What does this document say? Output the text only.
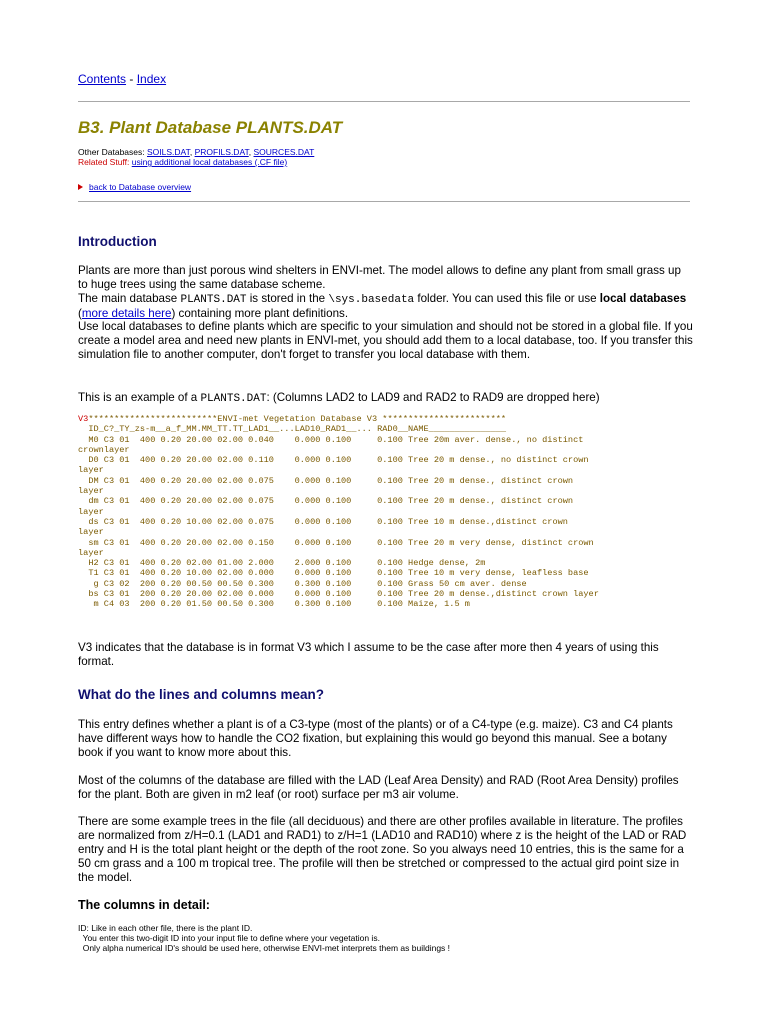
Contents - Index
B3. Plant Database PLANTS.DAT
Other Databases: SOILS.DAT, PROFILS.DAT, SOURCES.DAT
Related Stuff: using additional local databases (.CF file)
back to Database overview
Introduction

Plants are more than just porous wind shelters in ENVI-met. The model allows to define any plant from small grass up to huge trees using the same database scheme.

The main database PLANTS.DAT is stored in the \sys.basedata folder. You can used this file or use local databases (more details here) containing more plant definitions.

Use local databases to define plants which are specific to your simulation and should not be stored in a global file. If you create a model area and need new plants in ENVI-met, you should add them to a local database, too. If you transfer this simulation file to another computer, don't forget to transfer you local database with them.

This is an example of a PLANTS.DAT: (Columns LAD2 to LAD9 and RAD2 to RAD9 are dropped here)

V3*************************ENVI-met Vegetation Database V3 ************************
ID_C?_TY_zs-m__a_f_MM.MM_TT.TT_LAD1__...LAD10_RAD1__... RAD0__NAME_______________
M0 C3 01  400 0.20 20.00 02.00 0.040    0.000 0.100     0.100 Tree 20m aver. dense., no distinct
crownlayer
D0 C3 01  400 0.20 20.00 02.00 0.110    0.000 0.100     0.100 Tree 20 m dense., no distinct crown
layer
DM C3 01  400 0.20 20.00 02.00 0.075    0.000 0.100     0.100 Tree 20 m dense., distinct crown
layer
dm C3 01  400 0.20 20.00 02.00 0.075    0.000 0.100     0.100 Tree 20 m dense., distinct crown
layer
ds C3 01  400 0.20 10.00 02.00 0.075    0.000 0.100     0.100 Tree 10 m dense.,distinct crown
layer
sm C3 01  400 0.20 20.00 02.00 0.150    0.000 0.100     0.100 Tree 20 m very dense, distinct crown
layer
H2 C3 01  400 0.20 02.00 01.00 2.000    2.000 0.100     0.100 Hedge dense, 2m
T1 C3 01  400 0.20 10.00 02.00 0.000    0.000 0.100     0.100 Tree 10 m very dense, leafless base
g C3 02  200 0.20 00.50 00.50 0.300    0.300 0.100     0.100 Grass 50 cm aver. dense
bs C3 01  200 0.20 20.00 02.00 0.000    0.000 0.100     0.100 Tree 20 m dense.,distinct crown layer
m C4 03  200 0.20 01.50 00.50 0.300    0.300 0.100     0.100 Maize, 1.5 m

V3 indicates that the database is in format V3 which I assume to be the case after more then 4 years of using this format.

What do the lines and columns mean?

This entry defines whether a plant is of a C3-type (most of the plants) or of a C4-type (e.g. maize). C3 and C4 plants have different ways how to handle the CO2 fixation, but explaining this would go beyond this manual. See a botany book if you want to know more about this.

Most of the columns of the database are filled with the LAD (Leaf Area Density) and RAD (Root Area Density) profiles for the plant. Both are given in m2 leaf (or root) surface per m3 air volume.

There are some example trees in the file (all deciduous) and there are other profiles available in literature. The profiles are normalized from z/H=0.1 (LAD1 and RAD1) to z/H=1 (LAD10 and RAD10) where z is the height of the LAD or RAD entry and H is the total plant height or the depth of the root zone. So you always need 10 entries, this is the same for a 50 cm grass and a 100 m tropical tree. The profile will then be stretched or compressed to the actual gird point size in the model.

The columns in detail:
ID: Like in each other file, there is the plant ID.
You enter this two-digit ID into your input file to define where your vegetation is.
Only alpha numerical ID's should be used here, otherwise ENVI-met interprets them as buildings !
